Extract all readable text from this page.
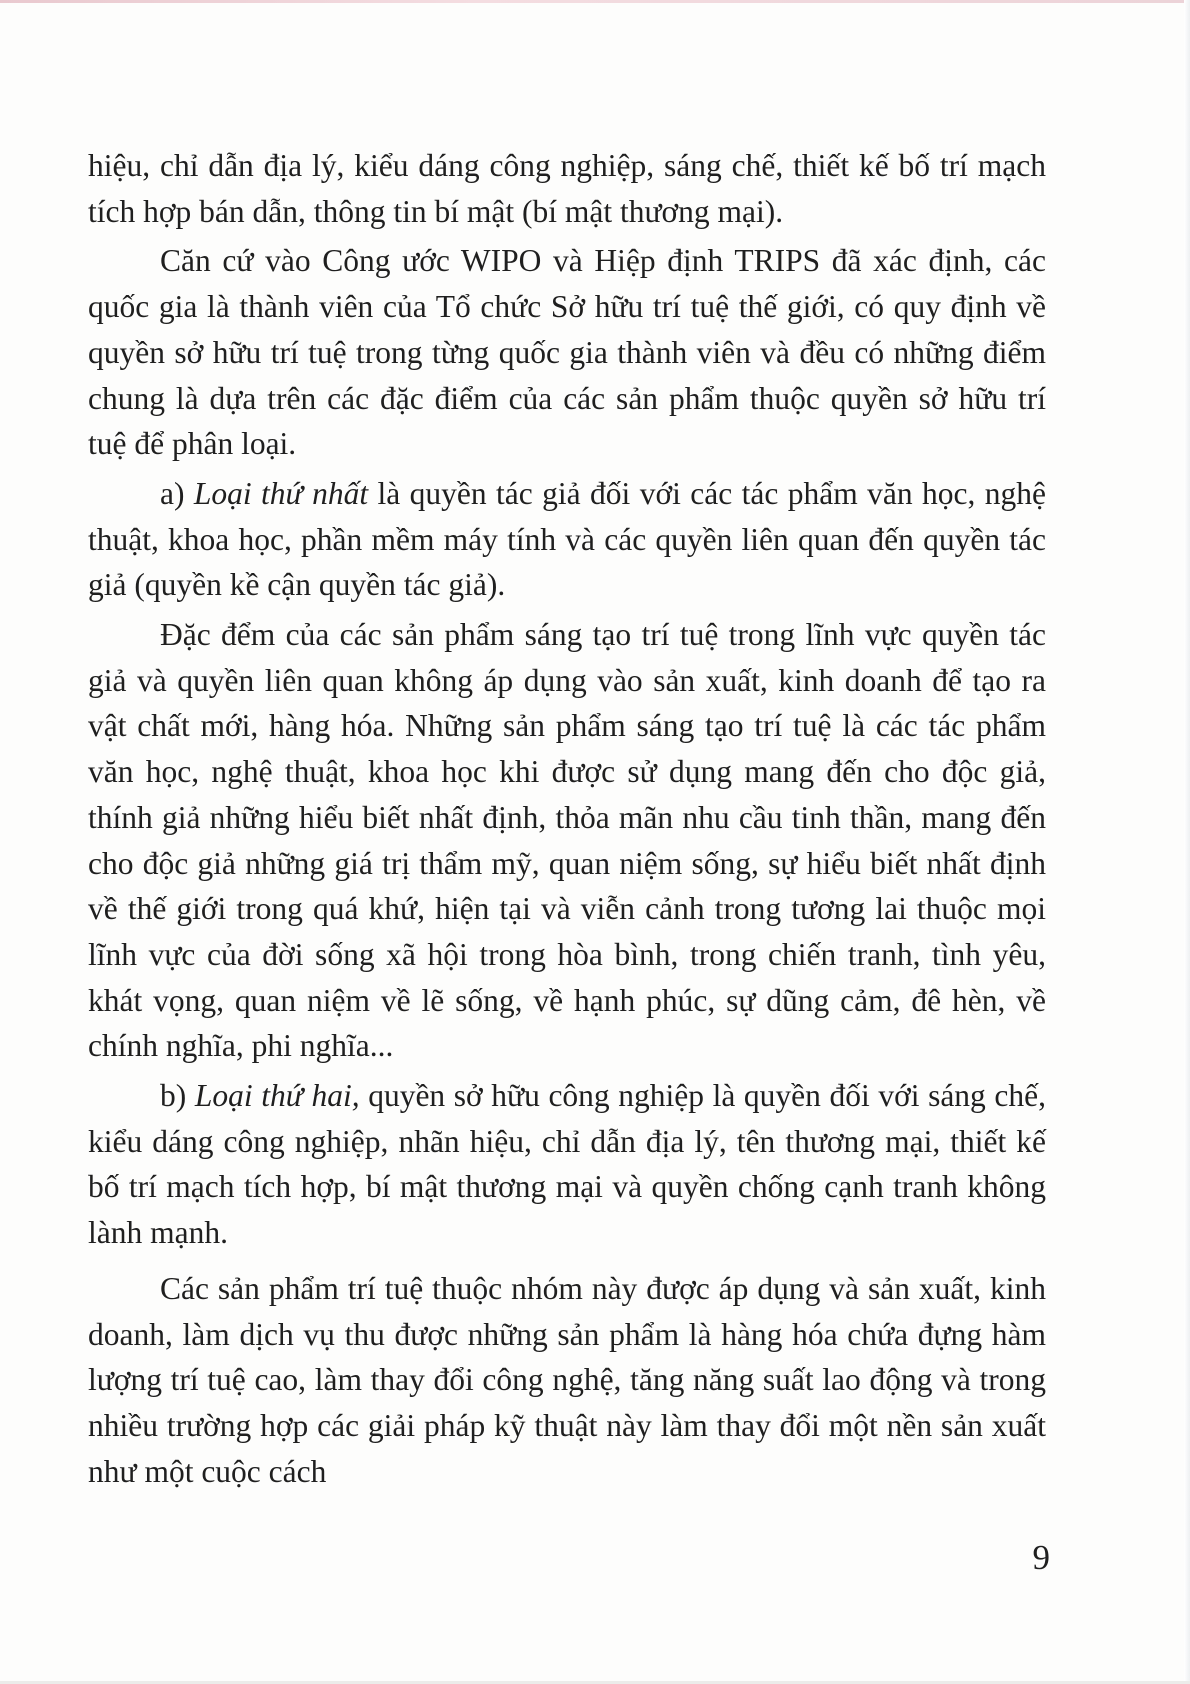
hiệu, chỉ dẫn địa lý, kiểu dáng công nghiệp, sáng chế, thiết kế bố trí mạch tích hợp bán dẫn, thông tin bí mật (bí mật thương mại).

Căn cứ vào Công ước WIPO và Hiệp định TRIPS đã xác định, các quốc gia là thành viên của Tổ chức Sở hữu trí tuệ thế giới, có quy định về quyền sở hữu trí tuệ trong từng quốc gia thành viên và đều có những điểm chung là dựa trên các đặc điểm của các sản phẩm thuộc quyền sở hữu trí tuệ để phân loại.

a) Loại thứ nhất là quyền tác giả đối với các tác phẩm văn học, nghệ thuật, khoa học, phần mềm máy tính và các quyền liên quan đến quyền tác giả (quyền kề cận quyền tác giả).

Đặc đểm của các sản phẩm sáng tạo trí tuệ trong lĩnh vực quyền tác giả và quyền liên quan không áp dụng vào sản xuất, kinh doanh để tạo ra vật chất mới, hàng hóa. Những sản phẩm sáng tạo trí tuệ là các tác phẩm văn học, nghệ thuật, khoa học khi được sử dụng mang đến cho độc giả, thính giả những hiểu biết nhất định, thỏa mãn nhu cầu tinh thần, mang đến cho độc giả những giá trị thẩm mỹ, quan niệm sống, sự hiểu biết nhất định về thế giới trong quá khứ, hiện tại và viễn cảnh trong tương lai thuộc mọi lĩnh vực của đời sống xã hội trong hòa bình, trong chiến tranh, tình yêu, khát vọng, quan niệm về lẽ sống, về hạnh phúc, sự dũng cảm, đê hèn, về chính nghĩa, phi nghĩa...

b) Loại thứ hai, quyền sở hữu công nghiệp là quyền đối với sáng chế, kiểu dáng công nghiệp, nhãn hiệu, chỉ dẫn địa lý, tên thương mại, thiết kế bố trí mạch tích hợp, bí mật thương mại và quyền chống cạnh tranh không lành mạnh.

Các sản phẩm trí tuệ thuộc nhóm này được áp dụng và sản xuất, kinh doanh, làm dịch vụ thu được những sản phẩm là hàng hóa chứa đựng hàm lượng trí tuệ cao, làm thay đổi công nghệ, tăng năng suất lao động và trong nhiều trường hợp các giải pháp kỹ thuật này làm thay đổi một nền sản xuất như một cuộc cách

9
